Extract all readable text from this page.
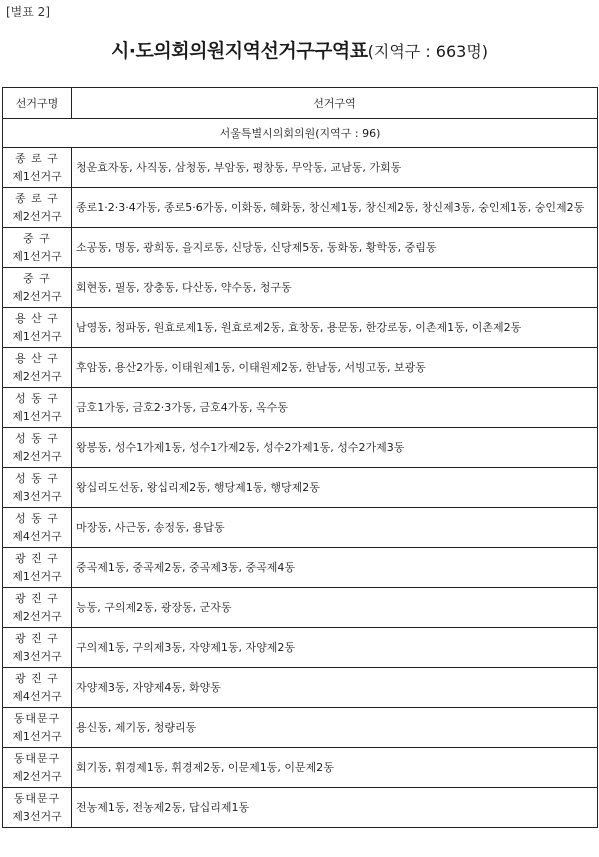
[별표 2]
시·도의회의원지역선거구구역표(지역구 : 663명)
선거구명	선거구역
서울특별시의회의원(지역구 : 96)	

종 로 구
제1선거구	청운효자동, 사직동, 삼청동, 부암동, 평창동, 무악동, 교남동, 가회동

종 로 구
제2선거구	종로1·2·3·4가동, 종로5·6가동, 이화동, 혜화동, 창신제1동, 창신제2동, 창신제3동, 숭인제1동, 숭인제2동

중 구
제1선거구	소공동, 명동, 광희동, 을지로동, 신당동, 신당제5동, 동화동, 황학동, 중림동

중 구
제2선거구	회현동, 필동, 장충동, 다산동, 약수동, 청구동

용 산 구
제1선거구	남영동, 청파동, 원효로제1동, 원효로제2동, 효창동, 용문동, 한강로동, 이촌제1동, 이촌제2동

용 산 구
제2선거구	후암동, 용산2가동, 이태원제1동, 이태원제2동, 한남동, 서빙고동, 보광동

성 동 구
제1선거구	금호1가동, 금호2·3가동, 금호4가동, 옥수동

성 동 구
제2선거구	왕봉동, 성수1가제1동, 성수1가제2동, 성수2가제1동, 성수2가제3동

성 동 구
제3선거구	왕십리도선동, 왕십리제2동, 행당제1동, 행당제2동

성 동 구
제4선거구	마장동, 사근동, 송정동, 용답동

광 진 구
제1선거구	중곡제1동, 중곡제2동, 중곡제3동, 중곡제4동

광 진 구
제2선거구	능동, 구의제2동, 광장동, 군자동

광 진 구
제3선거구	구의제1동, 구의제3동, 자양제1동, 자양제2동

광 진 구
제4선거구	자양제3동, 자양제4동, 화양동

동대문구
제1선거구	용신동, 제기동, 청량리동

동대문구
제2선거구	회기동, 휘경제1동, 휘경제2동, 이문제1동, 이문제2동

동대문구
제3선거구	전농제1동, 전농제2동, 답십리제1동
